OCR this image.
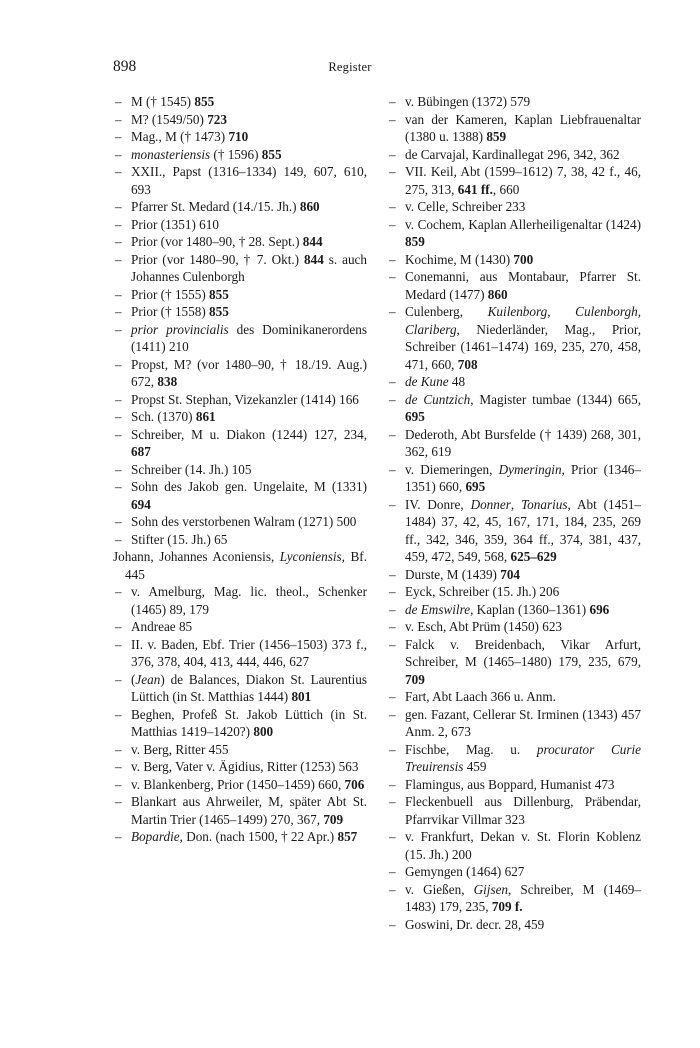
898	Register
– M († 1545) 855
– M? (1549/50) 723
– Mag., M († 1473) 710
– monasteriensis († 1596) 855
– XXII., Papst (1316–1334) 149, 607, 610, 693
– Pfarrer St. Medard (14./15. Jh.) 860
– Prior (1351) 610
– Prior (vor 1480–90, † 28. Sept.) 844
– Prior (vor 1480–90, † 7. Okt.) 844 s. auch Johannes Culenborgh
– Prior († 1555) 855
– Prior († 1558) 855
– prior provincialis des Dominikanerordens (1411) 210
– Propst, M? (vor 1480–90, † 18./19. Aug.) 672, 838
– Propst St. Stephan, Vizekanzler (1414) 166
– Sch. (1370) 861
– Schreiber, M u. Diakon (1244) 127, 234, 687
– Schreiber (14. Jh.) 105
– Sohn des Jakob gen. Ungelaite, M (1331) 694
– Sohn des verstorbenen Walram (1271) 500
– Stifter (15. Jh.) 65
Johann, Johannes Aconiensis, Lyconiensis, Bf. 445
– v. Amelburg, Mag. lic. theol., Schenker (1465) 89, 179
– Andreae 85
– II. v. Baden, Ebf. Trier (1456–1503) 373 f., 376, 378, 404, 413, 444, 446, 627
– (Jean) de Balances, Diakon St. Laurentius Lüttich (in St. Matthias 1444) 801
– Beghen, Profeß St. Jakob Lüttich (in St. Matthias 1419–1420?) 800
– v. Berg, Ritter 455
– v. Berg, Vater v. Ägidius, Ritter (1253) 563
– v. Blankenberg, Prior (1450–1459) 660, 706
– Blankart aus Ahrweiler, M, später Abt St. Martin Trier (1465–1499) 270, 367, 709
– Bopardie, Don. (nach 1500, † 22 Apr.) 857
– v. Bübingen (1372) 579
– van der Kameren, Kaplan Liebfrauenaltar (1380 u. 1388) 859
– de Carvajal, Kardinallegat 296, 342, 362
– VII. Keil, Abt (1599–1612) 7, 38, 42 f., 46, 275, 313, 641 ff., 660
– v. Celle, Schreiber 233
– v. Cochem, Kaplan Allerheiligenaltar (1424) 859
– Kochime, M (1430) 700
– Conemanni, aus Montabaur, Pfarrer St. Medard (1477) 860
– Culenberg, Kuilenborg, Culenborgh, Clariberg, Niederländer, Mag., Prior, Schreiber (1461–1474) 169, 235, 270, 458, 471, 660, 708
– de Kune 48
– de Cuntzich, Magister tumbae (1344) 665, 695
– Dederoth, Abt Bursfelde († 1439) 268, 301, 362, 619
– v. Diemeringen, Dymeringin, Prior (1346–1351) 660, 695
– IV. Donre, Donner, Tonarius, Abt (1451–1484) 37, 42, 45, 167, 171, 184, 235, 269 ff., 342, 346, 359, 364 ff., 374, 381, 437, 459, 472, 549, 568, 625–629
– Durste, M (1439) 704
– Eyck, Schreiber (15. Jh.) 206
– de Emswilre, Kaplan (1360–1361) 696
– v. Esch, Abt Prüm (1450) 623
– Falck v. Breidenbach, Vikar Arfurt, Schreiber, M (1465–1480) 179, 235, 679, 709
– Fart, Abt Laach 366 u. Anm.
– gen. Fazant, Cellerar St. Irminen (1343) 457 Anm. 2, 673
– Fischbe, Mag. u. procurator Curie Treuirensis 459
– Flamingus, aus Boppard, Humanist 473
– Fleckenbuell aus Dillenburg, Präbendar, Pfarrvikar Villmar 323
– v. Frankfurt, Dekan v. St. Florin Koblenz (15. Jh.) 200
– Gemyngen (1464) 627
– v. Gießen, Gijsen, Schreiber, M (1469–1483) 179, 235, 709 f.
– Goswini, Dr. decr. 28, 459
